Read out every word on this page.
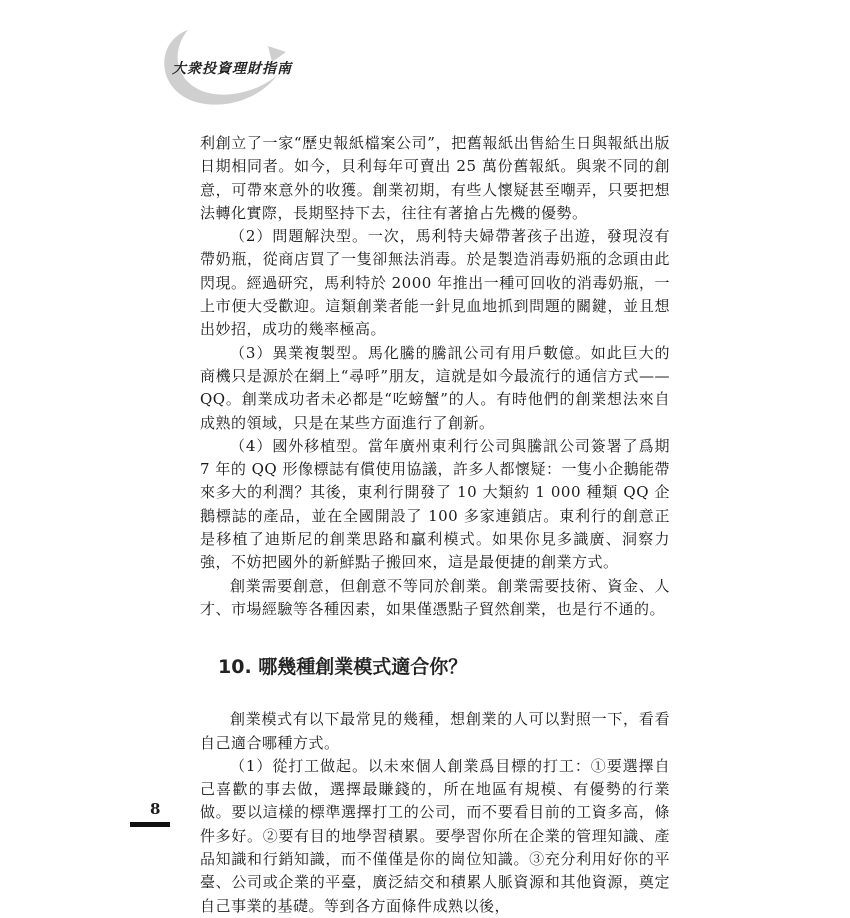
大衆投資理財指南

利創立了一家“歷史報紙檔案公司”，把舊報紙出售給生日與報紙出版日期相同者。如今，貝利每年可賣出 25 萬份舊報紙。與衆不同的創意，可帶來意外的收獲。創業初期，有些人懷疑甚至嘲弄，只要把想法轉化實際，長期堅持下去，往往有著搶占先機的優勢。

（2）問題解決型。一次，馬利特夫婦帶著孩子出遊，發現沒有帶奶瓶，從商店買了一隻卻無法消毒。於是製造消毒奶瓶的念頭由此閃現。經過研究，馬利特於 2000 年推出一種可回收的消毒奶瓶，一上市便大受歡迎。這類創業者能一針見血地抓到問題的關鍵，並且想出妙招，成功的幾率極高。

（3）異業複製型。馬化騰的騰訊公司有用戶數億。如此巨大的商機只是源於在網上“尋呼”朋友，這就是如今最流行的通信方式——QQ。創業成功者未必都是“吃螃蟹”的人。有時他們的創業想法來自成熟的領域，只是在某些方面進行了創新。

（4）國外移植型。當年廣州東利行公司與騰訊公司簽署了爲期 7 年的 QQ 形像標誌有償使用協議，許多人都懷疑：一隻小企鵝能帶來多大的利潤？其後，東利行開發了 10 大類約 1 000 種類 QQ 企鵝標誌的產品，並在全國開設了 100 多家連鎖店。東利行的創意正是移植了迪斯尼的創業思路和贏利模式。如果你見多識廣、洞察力強，不妨把國外的新鮮點子搬回來，這是最便捷的創業方式。

創業需要創意，但創意不等同於創業。創業需要技術、資金、人才、市場經驗等各種因素，如果僅憑點子貿然創業，也是行不通的。

10. 哪幾種創業模式適合你？

創業模式有以下最常見的幾種，想創業的人可以對照一下，看看自己適合哪種方式。

（1）從打工做起。以未來個人創業爲目標的打工：①要選擇自己喜歡的事去做，選擇最賺錢的，所在地區有規模、有優勢的行業做。要以這樣的標準選擇打工的公司，而不要看目前的工資多高，條件多好。②要有目的地學習積累。要學習你所在企業的管理知識、產品知識和行銷知識，而不僅僅是你的崗位知識。③充分利用好你的平臺、公司或企業的平臺，廣泛結交和積累人脈資源和其他資源，奠定自己事業的基礎。等到各方面條件成熟以後，

8
